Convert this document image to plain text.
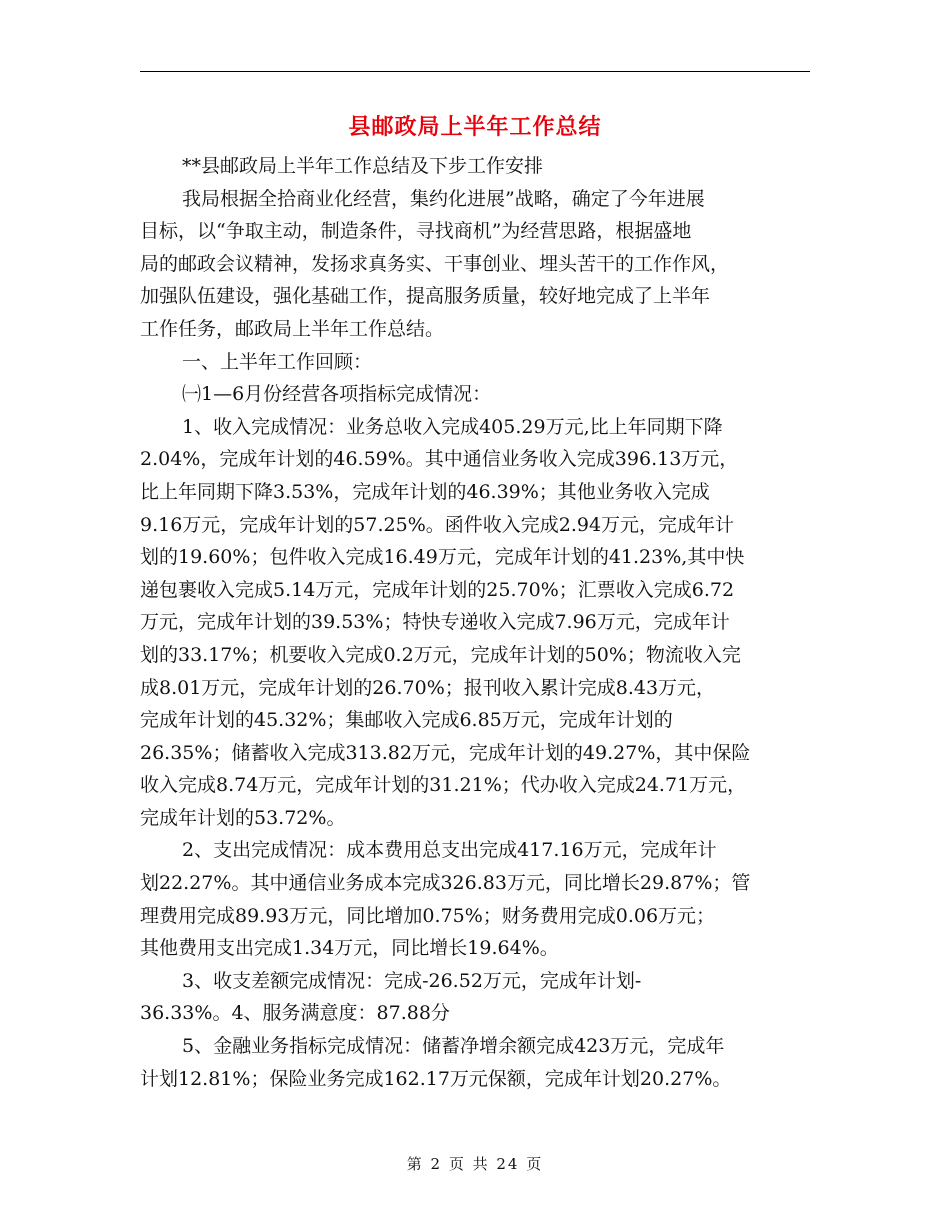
县邮政局上半年工作总结
**县邮政局上半年工作总结及下步工作安排
我局根据全拾商业化经营，集约化进展”战略，确定了今年进展
目标，以“争取主动，制造条件，寻找商机”为经营思路，根据盛地
局的邮政会议精神，发扬求真务实、干事创业、埋头苦干的工作作风，
加强队伍建设，强化基础工作，提高服务质量，较好地完成了上半年
工作任务，邮政局上半年工作总结。
一、上半年工作回顾：
㈠1—6月份经营各项指标完成情况：
1、收入完成情况：业务总收入完成405.29万元,比上年同期下降
2.04%，完成年计划的46.59%。其中通信业务收入完成396.13万元，
比上年同期下降3.53%，完成年计划的46.39%；其他业务收入完成
9.16万元，完成年计划的57.25%。函件收入完成2.94万元，完成年计
划的19.60%；包件收入完成16.49万元，完成年计划的41.23%,其中快
递包裹收入完成5.14万元，完成年计划的25.70%；汇票收入完成6.72
万元，完成年计划的39.53%；特快专递收入完成7.96万元，完成年计
划的33.17%；机要收入完成0.2万元，完成年计划的50%；物流收入完
成8.01万元，完成年计划的26.70%；报刊收入累计完成8.43万元，
完成年计划的45.32%；集邮收入完成6.85万元，完成年计划的
26.35%；储蓄收入完成313.82万元，完成年计划的49.27%，其中保险
收入完成8.74万元，完成年计划的31.21%；代办收入完成24.71万元，
完成年计划的53.72%。
2、支出完成情况：成本费用总支出完成417.16万元，完成年计
划22.27%。其中通信业务成本完成326.83万元，同比增长29.87%；管
理费用完成89.93万元，同比增加0.75%；财务费用完成0.06万元；
其他费用支出完成1.34万元，同比增长19.64%。
3、收支差额完成情况：完成-26.52万元，完成年计划-
36.33%。4、服务满意度：87.88分
5、金融业务指标完成情况：储蓄净增余额完成423万元，完成年
计划12.81%；保险业务完成162.17万元保额，完成年计划20.27%。
第 2 页 共 24 页
